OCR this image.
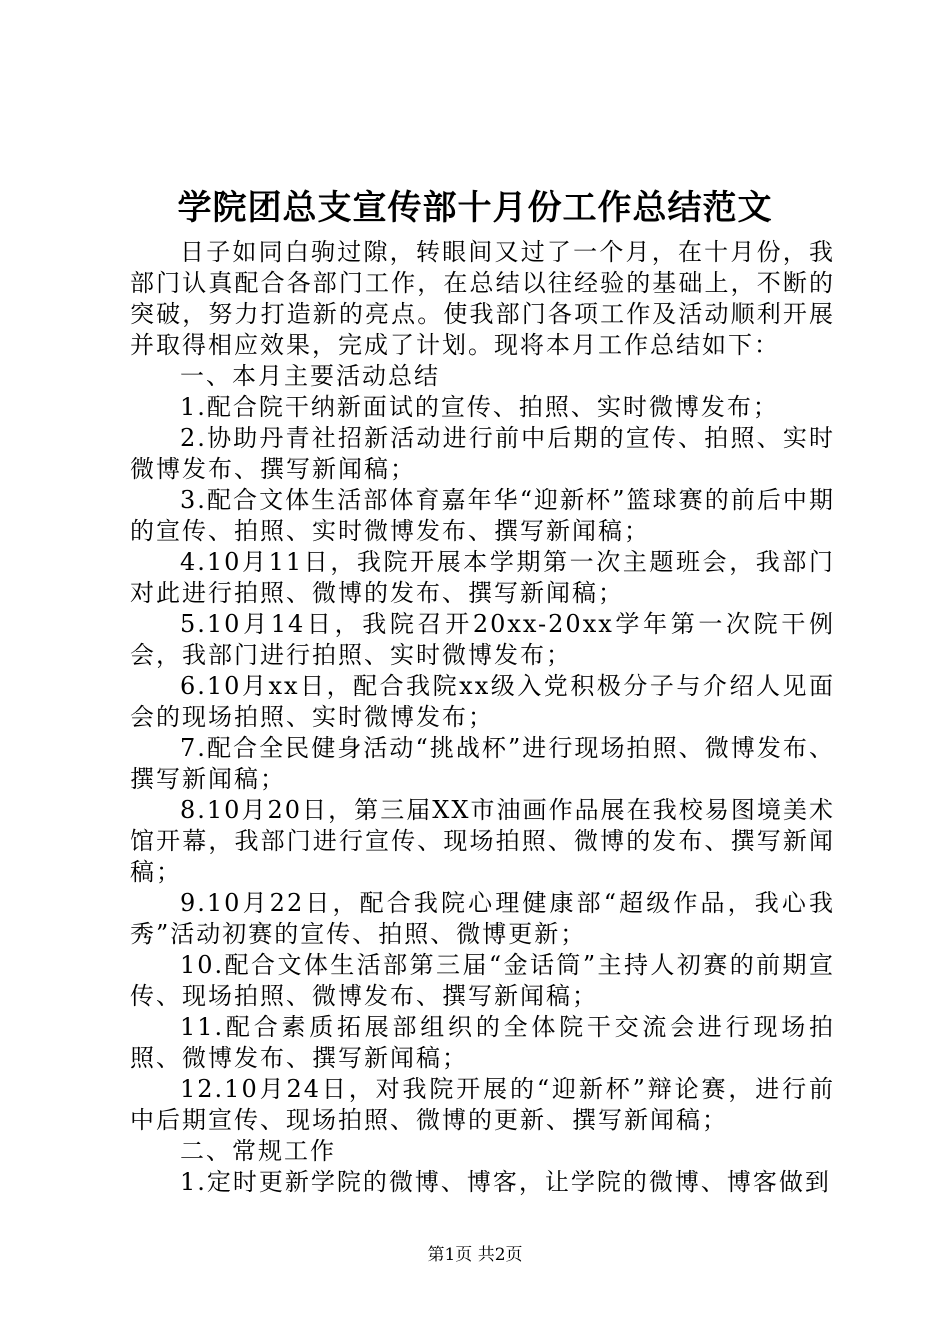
学院团总支宣传部十月份工作总结范文

日子如同白驹过隙，转眼间又过了一个月，在十月份，我部门认真配合各部门工作，在总结以往经验的基础上，不断的突破，努力打造新的亮点。使我部门各项工作及活动顺利开展并取得相应效果，完成了计划。现将本月工作总结如下：

一、本月主要活动总结

1.配合院干纳新面试的宣传、拍照、实时微博发布；

2.协助丹青社招新活动进行前中后期的宣传、拍照、实时微博发布、撰写新闻稿；

3.配合文体生活部体育嘉年华“迎新杯”篮球赛的前后中期的宣传、拍照、实时微博发布、撰写新闻稿；

4.10月11日，我院开展本学期第一次主题班会，我部门对此进行拍照、微博的发布、撰写新闻稿；

5.10月14日，我院召开20xx-20xx学年第一次院干例会，我部门进行拍照、实时微博发布；

6.10月xx日，配合我院xx级入党积极分子与介绍人见面会的现场拍照、实时微博发布；

7.配合全民健身活动“挑战杯”进行现场拍照、微博发布、撰写新闻稿；

8.10月20日，第三届XX市油画作品展在我校易图境美术馆开幕，我部门进行宣传、现场拍照、微博的发布、撰写新闻稿；

9.10月22日，配合我院心理健康部“超级作品，我心我秀”活动初赛的宣传、拍照、微博更新；

10.配合文体生活部第三届“金话筒”主持人初赛的前期宣传、现场拍照、微博发布、撰写新闻稿；

11.配合素质拓展部组织的全体院干交流会进行现场拍照、微博发布、撰写新闻稿；

12.10月24日，对我院开展的“迎新杯”辩论赛，进行前中后期宣传、现场拍照、微博的更新、撰写新闻稿；

二、常规工作

1.定时更新学院的微博、博客，让学院的微博、博客做到

第1页 共2页
